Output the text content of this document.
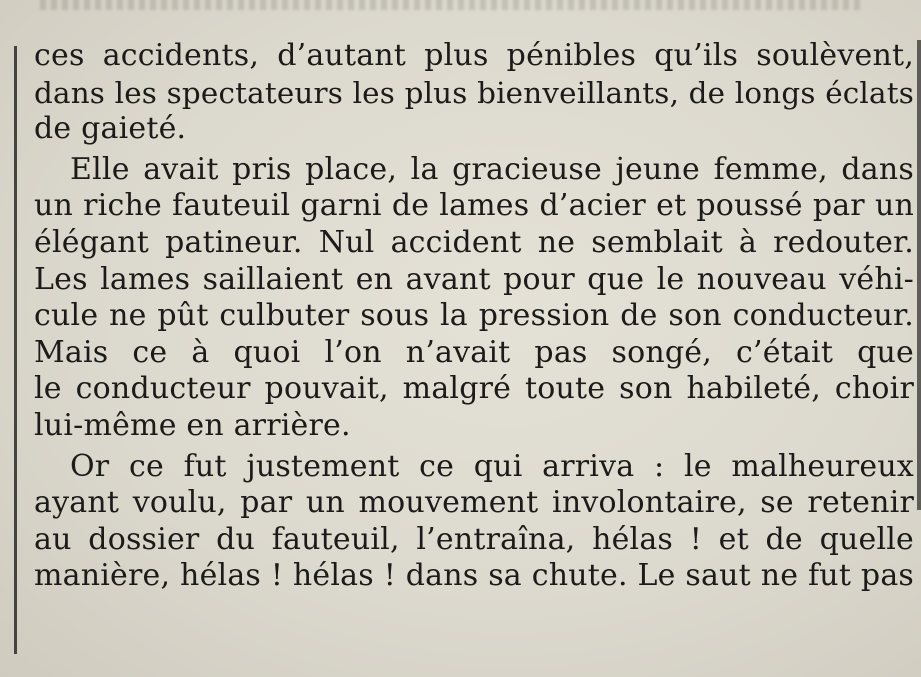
ces accidents, d’autant plus pénibles qu’ils soulèvent,
dans les spectateurs les plus bienveillants, de longs éclats
de gaieté.
Elle avait pris place, la gracieuse jeune femme, dans
un riche fauteuil garni de lames d’acier et poussé par un
élégant patineur. Nul accident ne semblait à redouter.
Les lames saillaient en avant pour que le nouveau véhi-
cule ne pût culbuter sous la pression de son conducteur.
Mais ce à quoi l’on n’avait pas songé, c’était que
le conducteur pouvait, malgré toute son habileté, choir
lui-même en arrière.
Or ce fut justement ce qui arriva : le malheureux
ayant voulu, par un mouvement involontaire, se retenir
au dossier du fauteuil, l’entraîna, hélas ! et de quelle
manière, hélas ! hélas ! dans sa chute. Le saut ne fut pas
